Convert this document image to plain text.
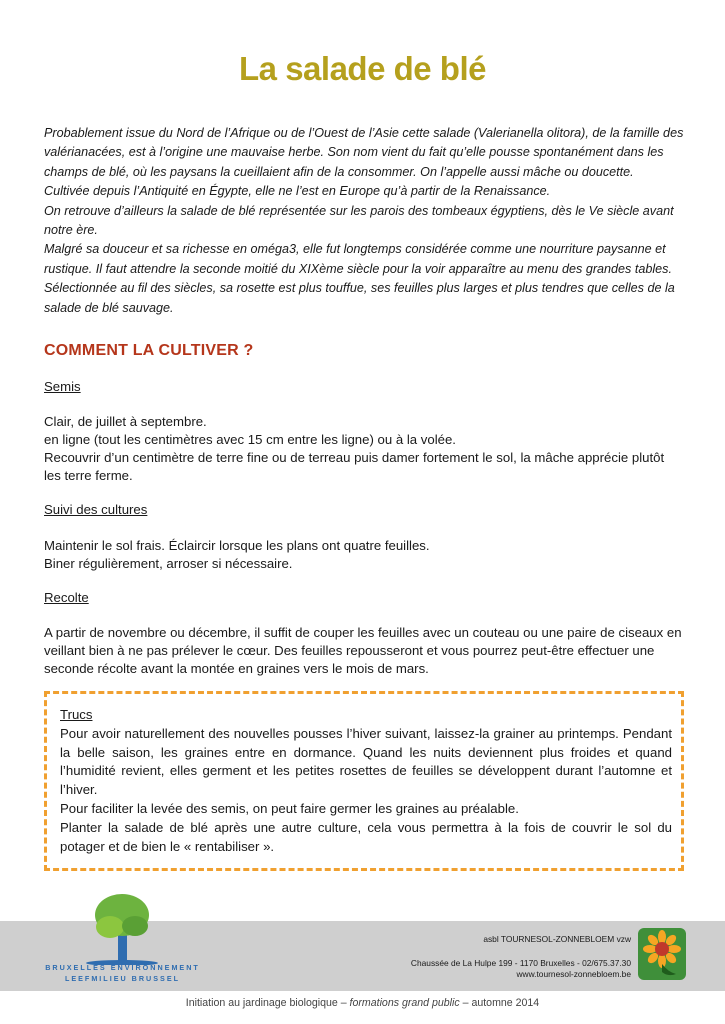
La salade de blé

Probablement issue du Nord de l’Afrique ou de l’Ouest de l’Asie cette salade (Valerianella olitora), de la famille des valérianacées, est à l’origine une mauvaise herbe. Son nom vient du fait qu’elle pousse spontanément dans les champs de blé, où les paysans la cueillaient afin de la consommer. On l’appelle aussi mâche ou doucette.

Cultivée depuis l’Antiquité en Égypte, elle ne l’est en Europe qu’à partir de la Renaissance.

On retrouve d’ailleurs la salade de blé représentée sur les parois des tombeaux égyptiens, dès le Ve siècle avant notre ère.

Malgré sa douceur et sa richesse en oméga3, elle fut longtemps considérée comme une nourriture paysanne et rustique. Il faut attendre la seconde moitié du XIXème siècle pour la voir apparaître au menu des grandes tables.

Sélectionnée au fil des siècles, sa rosette est plus touffue, ses feuilles plus larges et plus tendres que celles de la salade de blé sauvage.

COMMENT LA CULTIVER ?
Semis

Clair, de juillet à septembre.

en ligne (tout les centimètres avec 15 cm entre les ligne) ou à la volée.

Recouvrir d’un centimètre de terre fine ou de terreau puis damer fortement le sol, la mâche apprécie plutôt les terre ferme.

Suivi des cultures

Maintenir le sol frais. Éclaircir lorsque les plans ont quatre feuilles.

Biner régulièrement, arroser si nécessaire.

Recolte

A partir de novembre ou décembre, il suffit de couper les feuilles avec un couteau ou une paire de ciseaux en veillant bien à ne pas prélever le cœur. Des feuilles repousseront et vous pourrez peut-être effectuer une seconde récolte avant la montée en graines vers le mois de mars.

Trucs

Pour avoir naturellement des nouvelles pousses l’hiver suivant, laissez-la grainer au printemps. Pendant la belle saison, les graines entre en dormance. Quand les nuits deviennent plus froides et quand l’humidité revient, elles germent et les petites rosettes de feuilles se développent durant l’automne et l’hiver.

Pour faciliter la levée des semis, on peut faire germer les graines au préalable.

Planter la salade de blé après une autre culture, cela vous permettra à la fois de couvrir le sol du potager et de bien le « rentabiliser ».

BRUXELLES ENVIRONNEMENT
LEEFMILIEU BRUSSEL
asbl TOURNESOL-ZONNEBLOEM vzw
Chaussée de La Hulpe 199 - 1170 Bruxelles - 02/675.37.30
www.tournesol-zonnebloem.be
Initiation au jardinage biologique – formations grand public – automne 2014
